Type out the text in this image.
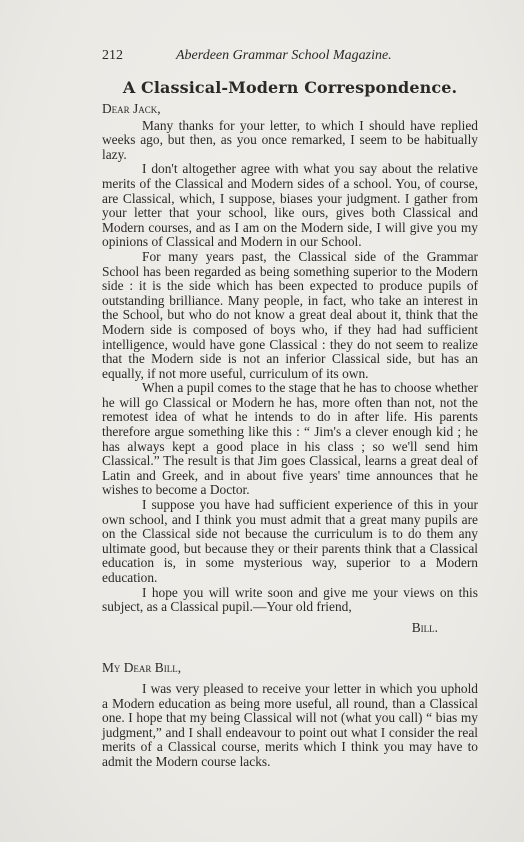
212	Aberdeen Grammar School Magazine.
A Classical-Modern Correspondence.

Dear Jack,

Many thanks for your letter, to which I should have replied weeks ago, but then, as you once remarked, I seem to be habitually lazy.

I don't altogether agree with what you say about the relative merits of the Classical and Modern sides of a school. You, of course, are Classical, which, I suppose, biases your judgment. I gather from your letter that your school, like ours, gives both Classical and Modern courses, and as I am on the Modern side, I will give you my opinions of Classical and Modern in our School.

For many years past, the Classical side of the Grammar School has been regarded as being something superior to the Modern side : it is the side which has been expected to produce pupils of outstanding brilliance. Many people, in fact, who take an interest in the School, but who do not know a great deal about it, think that the Modern side is composed of boys who, if they had had sufficient intelligence, would have gone Classical : they do not seem to realize that the Modern side is not an inferior Classical side, but has an equally, if not more useful, curriculum of its own.

When a pupil comes to the stage that he has to choose whether he will go Classical or Modern he has, more often than not, not the remotest idea of what he intends to do in after life. His parents therefore argue something like this : “ Jim's a clever enough kid ; he has always kept a good place in his class ; so we'll send him Classical.” The result is that Jim goes Classical, learns a great deal of Latin and Greek, and in about five years' time announces that he wishes to become a Doctor.

I suppose you have had sufficient experience of this in your own school, and I think you must admit that a great many pupils are on the Classical side not because the curriculum is to do them any ultimate good, but because they or their parents think that a Classical education is, in some mysterious way, superior to a Modern education.

I hope you will write soon and give me your views on this subject, as a Classical pupil.—Your old friend,

Bill.

My Dear Bill,

I was very pleased to receive your letter in which you uphold a Modern education as being more useful, all round, than a Classical one. I hope that my being Classical will not (what you call) “ bias my judgment,” and I shall endeavour to point out what I consider the real merits of a Classical course, merits which I think you may have to admit the Modern course lacks.
